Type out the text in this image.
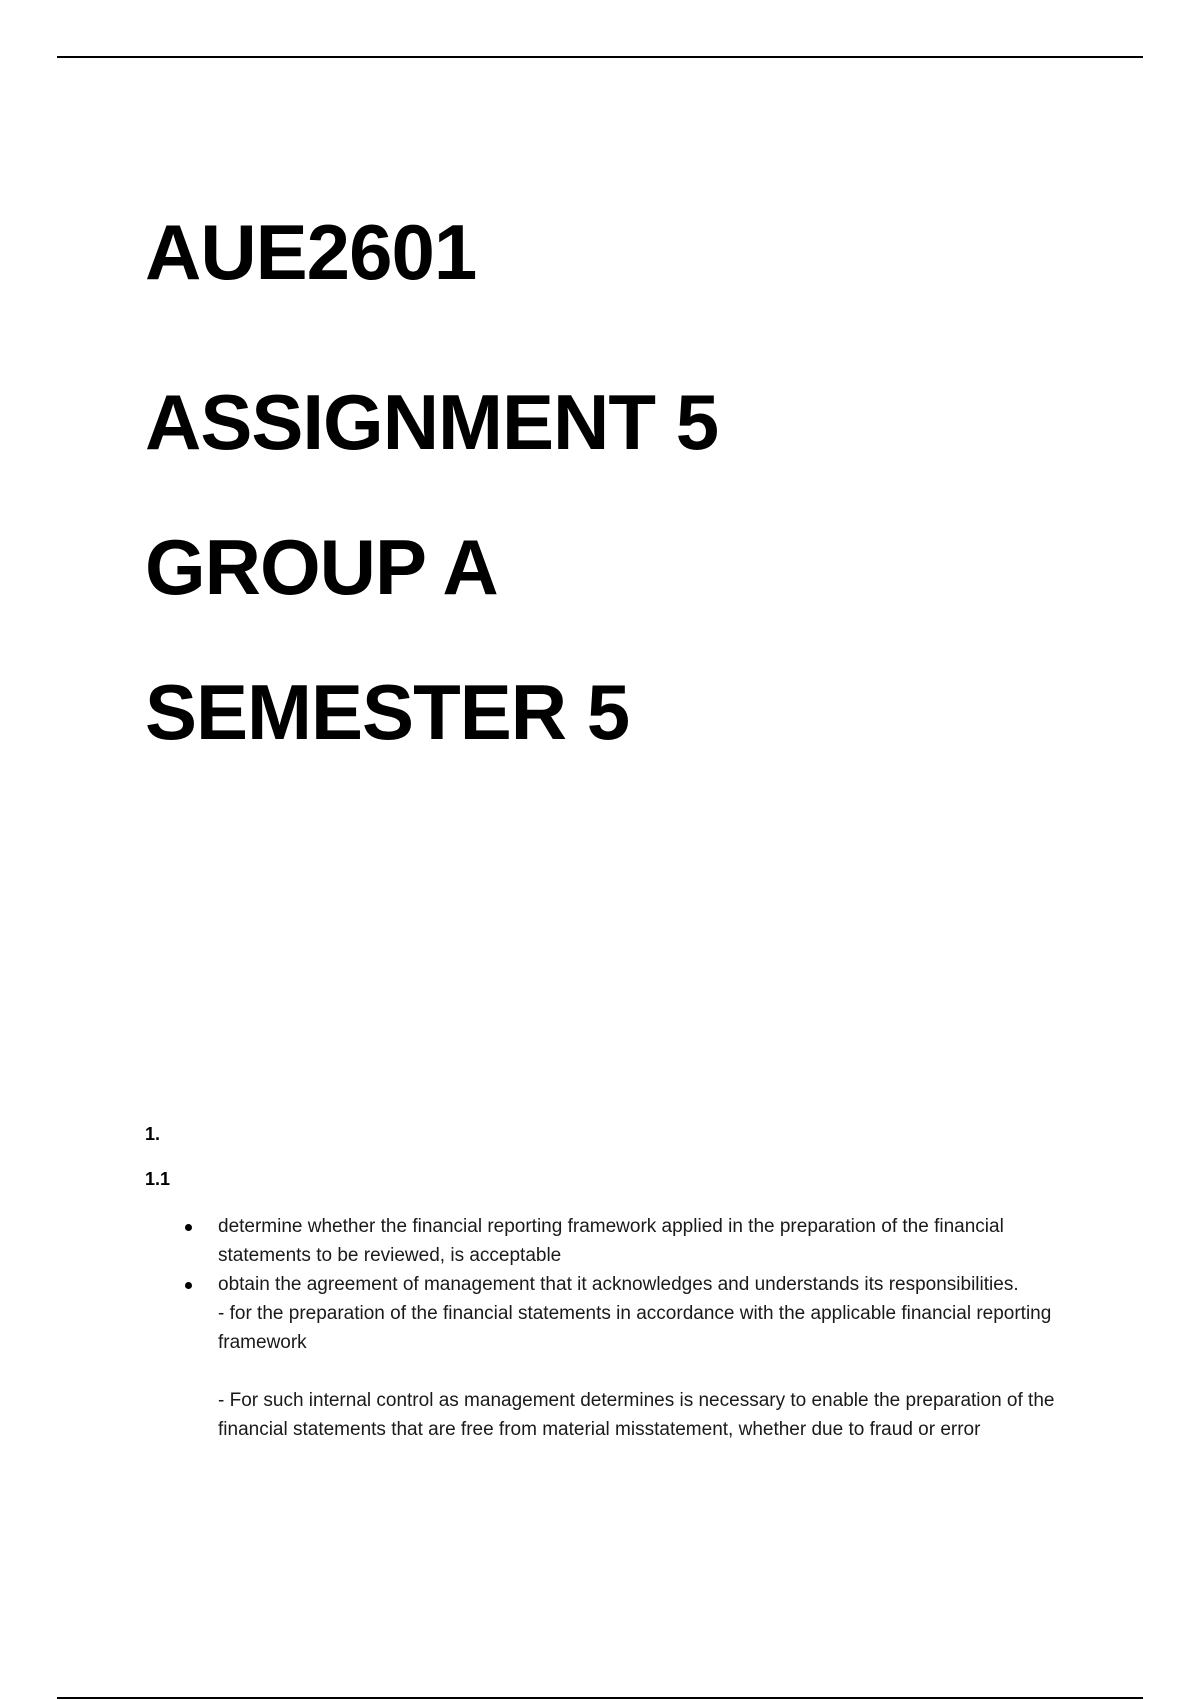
AUE2601
ASSIGNMENT 5
GROUP A
SEMESTER 5
1.
1.1
determine whether the financial reporting framework applied in the preparation of the financial statements to be reviewed, is acceptable
obtain the agreement of management that it acknowledges and understands its responsibilities.
- for the preparation of the financial statements in accordance with the applicable financial reporting framework
- For such internal control as management determines is necessary to enable the preparation of the financial statements that are free from material misstatement, whether due to fraud or error
